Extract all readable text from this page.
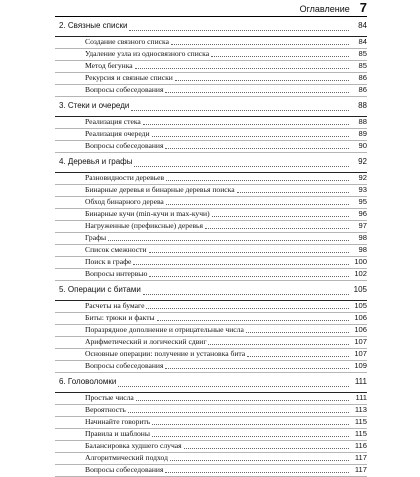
Оглавление 7
2. Связные списки	84
Создание связного списка	84
Удаление узла из односвязного списка	85
Метод бегунка	85
Рекурсия и связные списки	86
Вопросы собеседования	86
3. Стеки и очереди	88
Реализация стека	88
Реализация очереди	89
Вопросы собеседования	90
4. Деревья и графы	92
Разновидности деревьев	92
Бинарные деревья и бинарные деревья поиска	93
Обход бинарного дерева	95
Бинарные кучи (min-кучи и max-кучи)	96
Нагруженные (префиксные) деревья	97
Графы	98
Список смежности	98
Поиск в графе	100
Вопросы интервью	102
5. Операции с битами	105
Расчеты на бумаге	105
Биты: трюки и факты	106
Поразрядное дополнение и отрицательные числа	106
Арифметический и логический сдвиг	107
Основные операции: получение и установка бита	107
Вопросы собеседования	109
6. Головоломки	111
Простые числа	111
Вероятность	113
Начинайте говорить	115
Правила и шаблоны	115
Балансировка худшего случая	116
Алгоритмический подход	117
Вопросы собеседования	117
